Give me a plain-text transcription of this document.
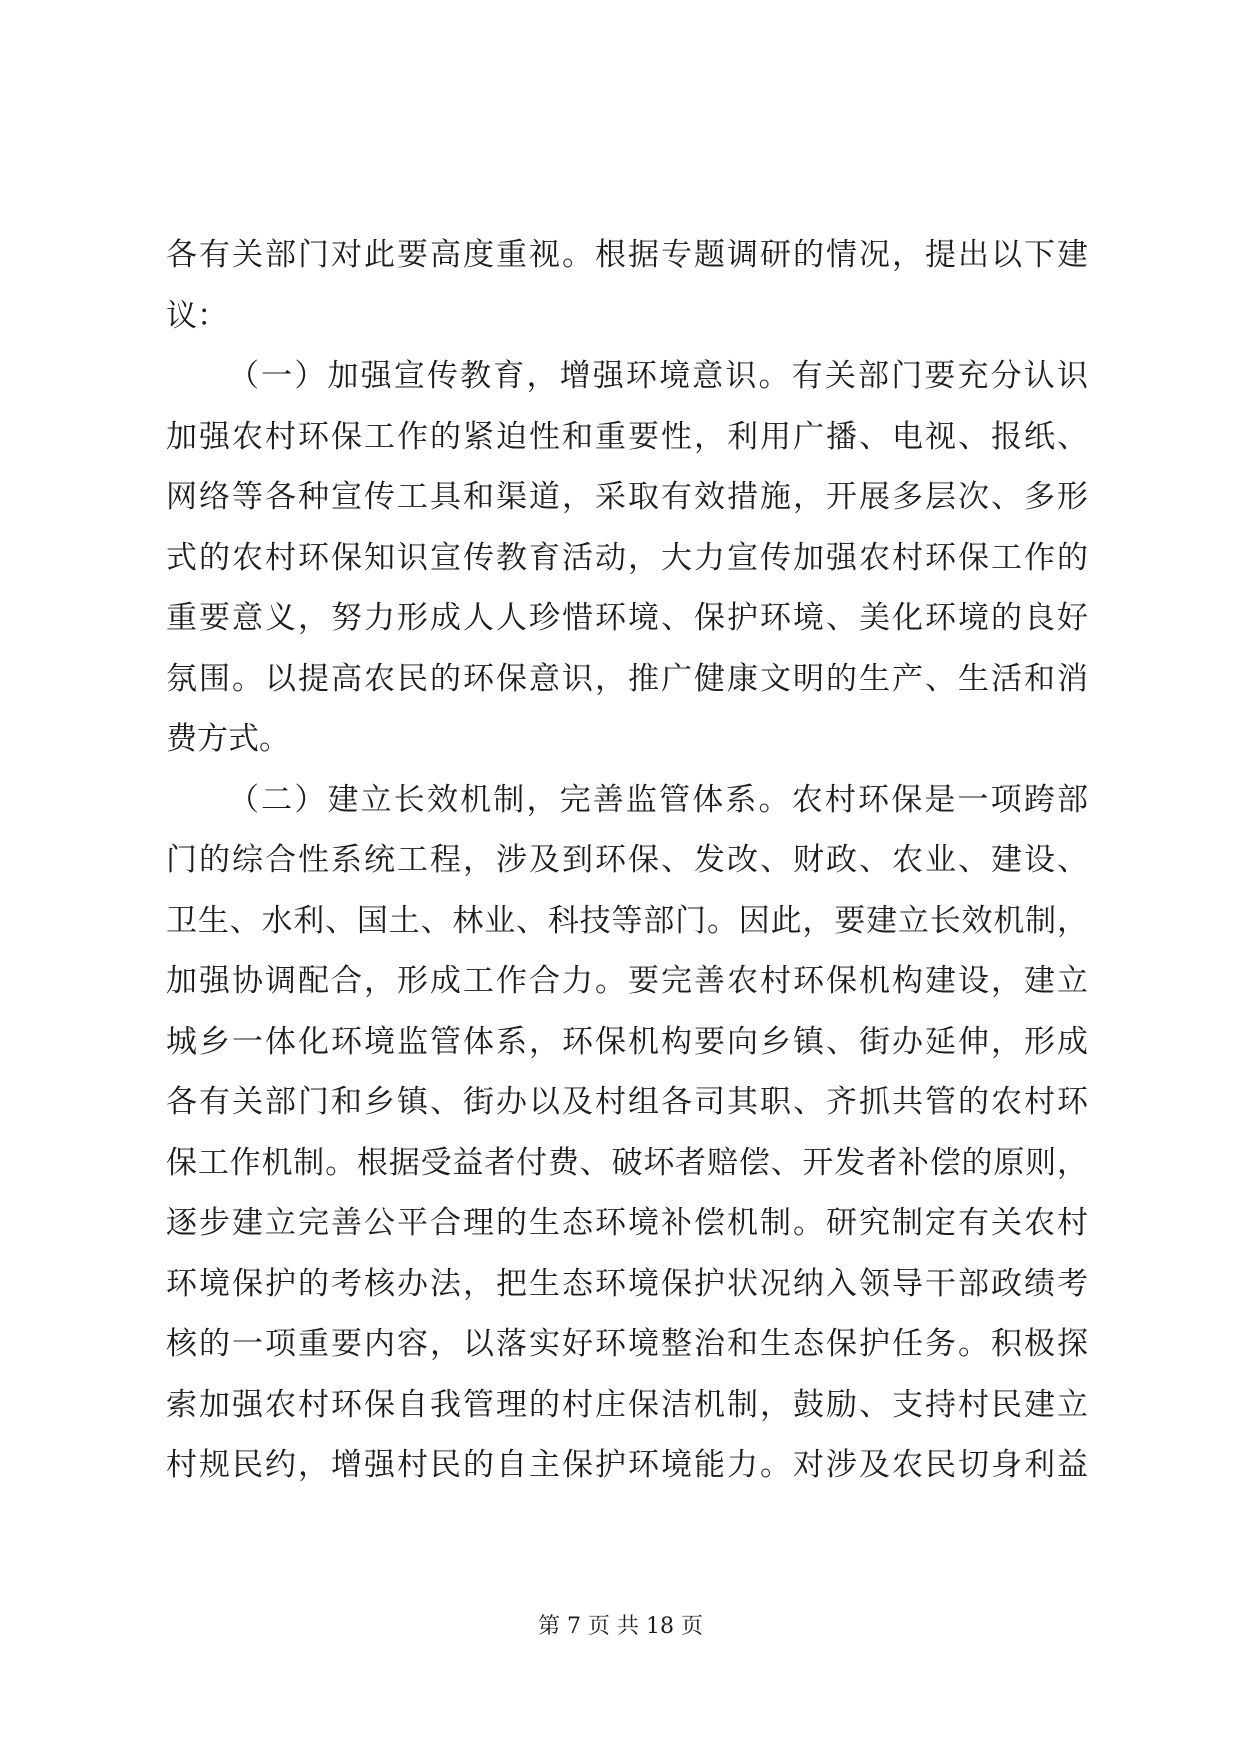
各有关部门对此要高度重视。根据专题调研的情况，提出以下建
议：
（一）加强宣传教育，增强环境意识。有关部门要充分认识
加强农村环保工作的紧迫性和重要性，利用广播、电视、报纸、
网络等各种宣传工具和渠道，采取有效措施，开展多层次、多形
式的农村环保知识宣传教育活动，大力宣传加强农村环保工作的
重要意义，努力形成人人珍惜环境、保护环境、美化环境的良好
氛围。以提高农民的环保意识，推广健康文明的生产、生活和消
费方式。
（二）建立长效机制，完善监管体系。农村环保是一项跨部
门的综合性系统工程，涉及到环保、发改、财政、农业、建设、
卫生、水利、国土、林业、科技等部门。因此，要建立长效机制，
加强协调配合，形成工作合力。要完善农村环保机构建设，建立
城乡一体化环境监管体系，环保机构要向乡镇、街办延伸，形成
各有关部门和乡镇、街办以及村组各司其职、齐抓共管的农村环
保工作机制。根据受益者付费、破坏者赔偿、开发者补偿的原则，
逐步建立完善公平合理的生态环境补偿机制。研究制定有关农村
环境保护的考核办法，把生态环境保护状况纳入领导干部政绩考
核的一项重要内容，以落实好环境整治和生态保护任务。积极探
索加强农村环保自我管理的村庄保洁机制，鼓励、支持村民建立
村规民约，增强村民的自主保护环境能力。对涉及农民切身利益
第 7 页 共 18 页
